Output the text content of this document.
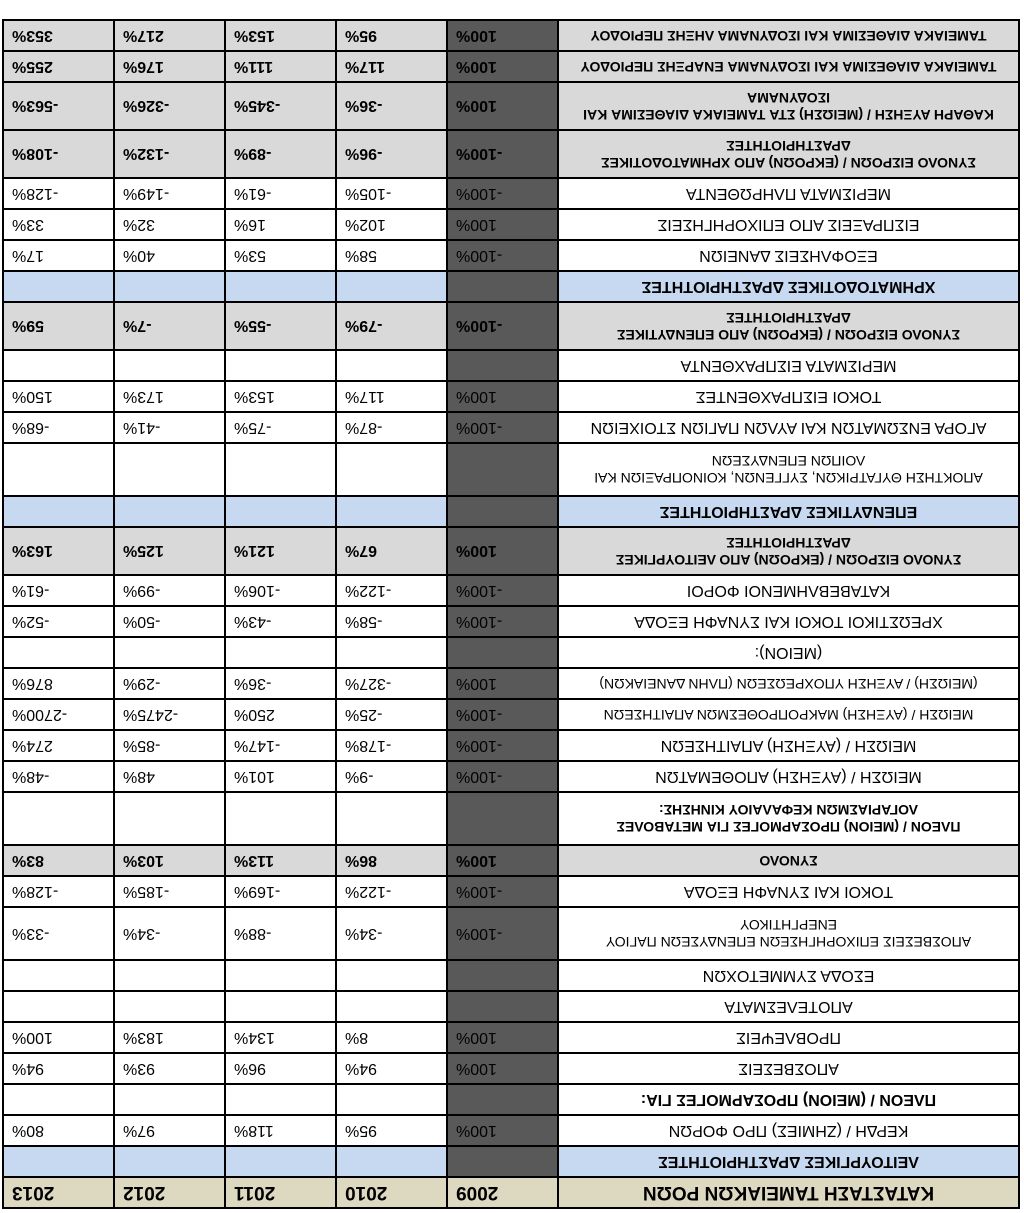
ΚΑΤΑΣΤΑΣΗ ΤΑΜΕΙΑΚΩΝ ΡΟΩΝ	2009	2010	2011	2012	2013

ΛΕΙΤΟΥΡΓΙΚΕΣ ΔΡΑΣΤΗΡΙΟΤΗΤΕΣ					

ΚΕΡΔΗ / (ΖΗΜΙΕΣ) ΠΡΟ ΦΟΡΩΝ	100%	95%	118%	97%	80%

ΠΛΕΟΝ / (ΜΕΙΟΝ) ΠΡΟΣΑΡΜΟΓΕΣ ΓΙΑ:					

ΑΠΟΣΒΕΣΕΙΣ	100%	94%	96%	93%	94%

ΠΡΟΒΛΕΨΕΙΣ	100%	8%	134%	183%	100%

ΑΠΟΤΕΛΕΣΜΑΤΑ					

ΕΣΟΔΑ ΣΥΜΜΕΤΟΧΩΝ					

ΑΠΟΣΒΕΣΕΙΣ ΕΠΙΧΟΡΗΓΗΣΕΩΝ ΕΠΕΝΔΥΣΕΩΝ ΠΑΓΙΟΥ
ΕΝΕΡΓΗΤΙΚΟΥ	-100%	-34%	-88%	-34%	-33%

ΤΟΚΟΙ ΚΑΙ ΣΥΝΑΦΗ ΕΞΟΔΑ	-100%	-122%	-169%	-185%	-128%

ΣΥΝΟΛΟ	100%	86%	113%	103%	83%

ΠΛΕΟΝ / (ΜΕΙΟΝ) ΠΡΟΣΑΡΜΟΓΕΣ ΓΙΑ ΜΕΤΑΒΟΛΕΣ
ΛΟΓΑΡΙΑΣΜΩΝ ΚΕΦΑΛΑΙΟΥ ΚΙΝΗΣΗΣ:					

ΜΕΙΩΣΗ / (ΑΥΞΗΣΗ) ΑΠΟΘΕΜΑΤΩΝ	-100%	-9%	101%	48%	-48%

ΜΕΙΩΣΗ / (ΑΥΞΗΣΗ) ΑΠΑΙΤΗΣΕΩΝ	-100%	-178%	-147%	-85%	274%

ΜΕΙΩΣΗ / (ΑΥΞΗΣΗ) ΜΑΚΡΟΠΡΟΘΕΣΜΩΝ ΑΠΑΙΤΗΣΕΩΝ	-100%	-25%	250%	-2475%	-2700%

(ΜΕΙΩΣΗ) / ΑΥΞΗΣΗ ΥΠΟΧΡΕΩΣΕΩΝ (ΠΛΗΝ ΔΑΝΕΙΑΚΩΝ)	100%	-327%	-36%	-29%	876%

(ΜΕΙΟΝ):					

ΧΡΕΩΣΤΙΚΟΙ ΤΟΚΟΙ ΚΑΙ ΣΥΝΑΦΗ ΕΞΟΔΑ	-100%	-58%	-43%	-50%	-52%

ΚΑΤΑΒΕΒΛΗΜΕΝΟΙ ΦΟΡΟΙ	-100%	-122%	-106%	-99%	-61%

ΣΥΝΟΛΟ ΕΙΣΡΟΩΝ / (ΕΚΡΟΩΝ) ΑΠΟ ΛΕΙΤΟΥΡΓΙΚΕΣ
ΔΡΑΣΤΗΡΙΟΤΗΤΕΣ	100%	67%	121%	125%	163%

ΕΠΕΝΔΥΤΙΚΕΣ ΔΡΑΣΤΗΡΙΟΤΗΤΕΣ					

ΑΠΟΚΤΗΣΗ ΘΥΓΑΤΡΙΚΩΝ, ΣΥΓΓΕΝΩΝ, ΚΟΙΝΟΠΡΑΞΙΩΝ ΚΑΙ
ΛΟΙΠΩΝ ΕΠΕΝΔΥΣΕΩΝ					

ΑΓΟΡΑ ΕΝΣΩΜΑΤΩΝ ΚΑΙ ΑΥΛΩΝ ΠΑΓΙΩΝ ΣΤΟΙΧΕΙΩΝ	-100%	-87%	-75%	-41%	-68%

ΤΟΚΟΙ ΕΙΣΠΡΑΧΘΕΝΤΕΣ	100%	117%	153%	173%	150%

ΜΕΡΙΣΜΑΤΑ ΕΙΣΠΡΑΧΘΕΝΤΑ					

ΣΥΝΟΛΟ ΕΙΣΡΟΩΝ / (ΕΚΡΟΩΝ) ΑΠΟ ΕΠΕΝΔΥΤΙΚΕΣ
ΔΡΑΣΤΗΡΙΟΤΗΤΕΣ	-100%	-79%	-55%	-7%	59%

ΧΡΗΜΑΤΟΔΟΤΙΚΕΣ ΔΡΑΣΤΗΡΙΟΤΗΤΕΣ					

ΕΞΟΦΛΗΣΕΙΣ ΔΑΝΕΙΩΝ	-100%	58%	53%	40%	17%

ΕΙΣΠΡΑΞΕΙΣ ΑΠΟ ΕΠΙΧΟΡΗΓΗΣΕΙΣ	100%	102%	16%	32%	33%

ΜΕΡΙΣΜΑΤΑ ΠΛΗΡΩΘΕΝΤΑ	-100%	-105%	-61%	-149%	-128%

ΣΥΝΟΛΟ ΕΙΣΡΟΩΝ / (ΕΚΡΟΩΝ) ΑΠΟ ΧΡΗΜΑΤΟΔΟΤΙΚΕΣ
ΔΡΑΣΤΗΡΙΟΤΗΤΕΣ	-100%	-96%	-89%	-132%	-108%

ΚΑΘΑΡΗ ΑΥΞΗΣΗ / (ΜΕΙΩΣΗ) ΣΤΑ ΤΑΜΕΙΑΚΑ ΔΙΑΘΕΣΙΜΑ ΚΑΙ
ΙΣΟΔΥΝΑΜΑ	100%	-36%	-345%	-326%	-563%

ΤΑΜΕΙΑΚΑ ΔΙΑΘΕΣΙΜΑ ΚΑΙ ΙΣΟΔΥΝΑΜΑ ΕΝΑΡΞΗΣ ΠΕΡΙΟΔΟΥ	100%	117%	111%	176%	255%

ΤΑΜΕΙΑΚΑ ΔΙΑΘΕΣΙΜΑ ΚΑΙ ΙΣΟΔΥΝΑΜΑ ΛΗΞΗΣ ΠΕΡΙΟΔΟΥ	100%	95%	153%	217%	353%
